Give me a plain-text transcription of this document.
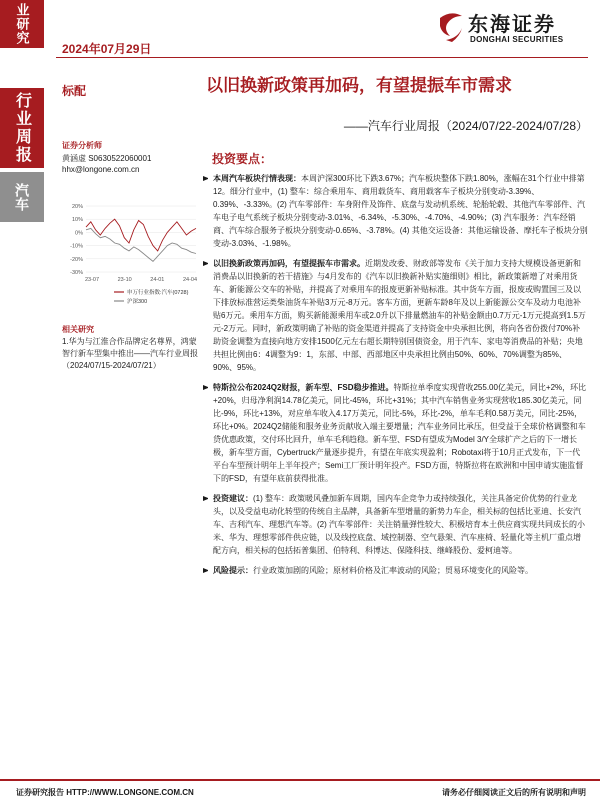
业研究
行业周报
汽车
2024年07月29日
东海证券
DONGHAI SECURITIES
标配	以旧换新政策再加码，有望提振车市需求
——汽车行业周报（2024/07/22-2024/07/28）
证券分析师
黄涵虚 S0630522060001
hhx@longone.com.cn
20%
10%
0%
-10%
-20%
-30%
23-07	23-10	24-01	24-04
申万行业指数:汽车(0728)
沪深300
相关研究
1.华为与江淮合作品牌定名尊界，鸿蒙智行新车型集中推出——汽车行业周报（2024/07/15-2024/07/21）
投资要点：
本周汽车板块行情表现：本周沪深300环比下跌3.67%；汽车板块整体下跌1.80%，涨幅在31个行业中排第12。细分行业中，(1) 整车：综合乘用车、商用载货车、商用载客车子板块分别变动-3.39%、0.39%、-3.33%。(2) 汽车零部件：车身附件及饰件、底盘与发动机系统、轮胎轮毂、其他汽车零部件、汽车电子电气系统子板块分别变动-3.01%、-6.34%、-5.30%、-4.70%、-4.90%；(3) 汽车服务：汽车经销商、汽车综合服务子板块分别变动-0.65%、-3.78%。(4) 其他交运设备：其他运输设备、摩托车子板块分别变动-3.03%、-1.98%。
以旧换新政策再加码，有望提振车市需求。近期发改委、财政部等发布《关于加力支持大规模设备更新和消费品以旧换新的若干措施》与4月发布的《汽车以旧换新补贴实施细则》相比，新政策新增了对乘用货车、新能源公交车的补贴，并提高了对乘用车的报废更新补贴标准。其中货车方面，报废或购置国三及以下排放标准营运类柴油货车补贴3万元-8万元。客车方面，更新车龄8年及以上新能源公交车及动力电池补贴6万元。乘用车方面，购买新能源乘用车或2.0升以下排量燃油车的补贴金额由0.7万元-1万元提高到1.5万元-2万元。同时，新政策明确了补贴的资金渠道并提高了支持资金中央承担比例，将向各省份拨付70%补助资金调整为直接向地方安排1500亿元左右超长期特别国债资金，用于汽车、家电等消费品的补贴；央地共担比例由6：4调整为9：1，东部、中部、西部地区中央承担比例由50%、60%、70%调整为85%、90%、95%。
特斯拉公布2024Q2财报，新车型、FSD稳步推进。特斯拉单季度实现营收255.00亿美元，同比+2%，环比+20%，归母净利润14.78亿美元，同比-45%，环比+31%；其中汽车销售业务实现营收185.30亿美元，同比-9%，环比+13%，对应单车收入4.17万美元，同比-5%，环比-2%，单车毛利0.58万美元，同比-25%，环比+0%。2024Q2储能和服务业务贡献收入端主要增量；汽车业务同比承压，但受益于全球价格调整和车贷优惠政策，交付环比回升，单车毛利趋稳。新车型、FSD有望成为Model 3/Y全球扩产之后的下一增长极，新车型方面，Cybertruck产量逐步提升，有望在年底实现盈利；Robotaxi将于10月正式发布，下一代平台车型预计明年上半年投产；Semi工厂预计明年投产。FSD方面，特斯拉将在欧洲和中国申请实施监督下的FSD，有望年底前获得批准。
投资建议：(1) 整车：政策暖风叠加新车周期，国内车企竞争力或持续强化，关注具备定价优势的行业龙头，以及受益电动化转型的传统自主品牌，具备新车型增量的新势力车企，相关标的包括比亚迪、长安汽车、吉利汽车、理想汽车等。(2) 汽车零部件：关注销量弹性较大、积极培育本土供应商实现共同成长的小米、华为、理想零部件供应链，以及线控底盘、域控制器、空气悬架、汽车座椅、轻量化等主机厂重点增配方向，相关标的包括拓普集团、伯特利、科博达、保隆科技、继峰股份、爱柯迪等。
风险提示：行业政策加剧的风险；原材料价格及汇率波动的风险；贸易环境变化的风险等。
证券研究报告 HTTP://WWW.LONGONE.COM.CN	请务必仔细阅读正文后的所有说明和声明
